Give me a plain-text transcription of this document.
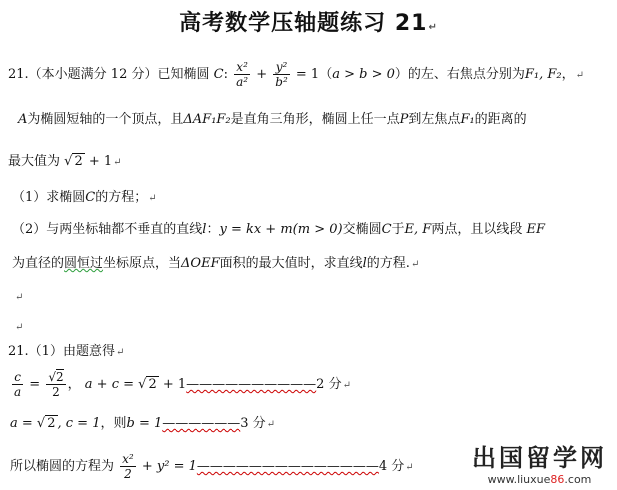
高考数学压轴题练习 21↵
21.（本小题满分 12 分）已知椭圆 C: $\frac{\text{x²}}{\text{a²}} + \frac{\text{y²}}{\text{b²}} = 1(a > b > 0)$的左、右焦点分别为F₁, F₂，↵
A为椭圆短轴的一个顶点，且ΔAF₁F₂是直角三角形，椭圆上任一点P到左焦点F₁的距离的
最大值为 √ 2 + 1↵
（1）求椭圆C的方程；↵
（2）与两坐标轴都不垂直的直线l：y = kx + m(m > 0)交椭圆C于E, F两点，且以线段 EF
为直径的圆恒过坐标原点，当ΔOEF面积的最大值时，求直线l的方程.↵
↵
↵
21.（1）由题意得↵
$\frac{c}{a} = \frac{√2}{2}$ ， a + c = √ 2 + 1——————————2 分↵
a = √ 2 , c = 1，则b = 1——————3 分↵
所以椭圆的方程为 $\frac{\text{x²}}{2} + y^2$ = 1——————————————4 分↵ 出国留学网
www.liuxue86.com
